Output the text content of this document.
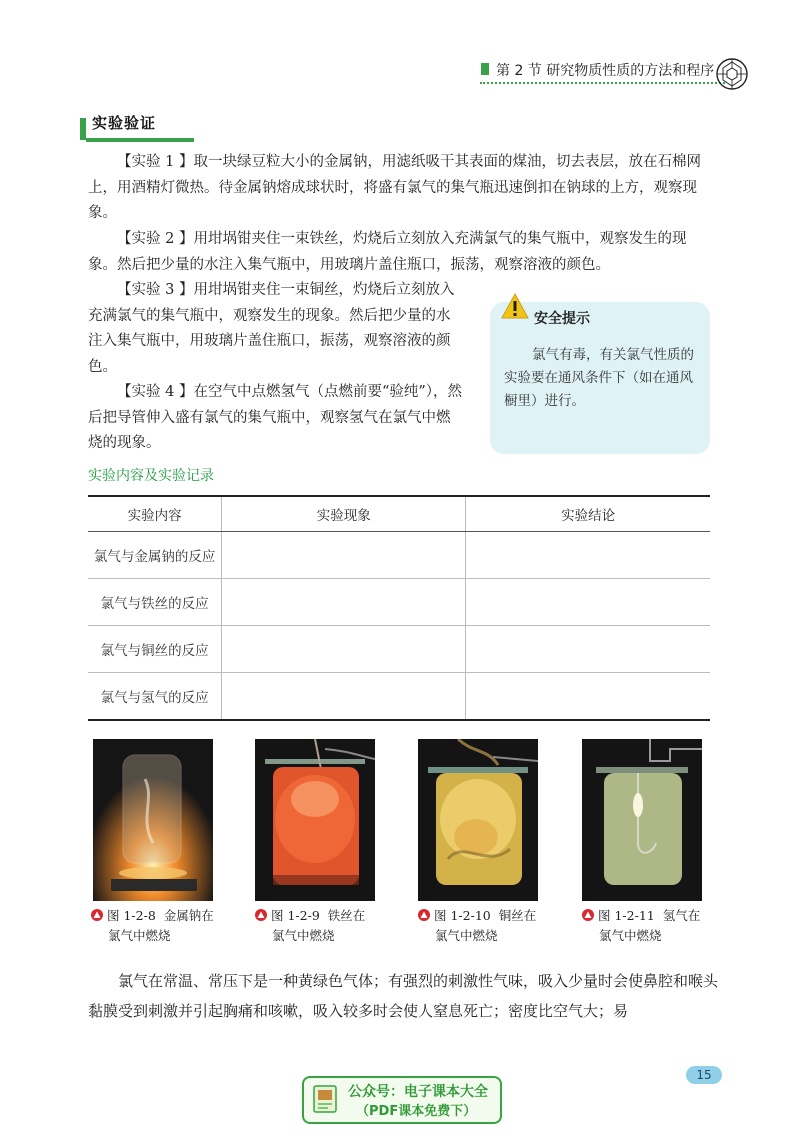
第 2 节 研究物质性质的方法和程序
实验验证
【实验 1 】取一块绿豆粒大小的金属钠，用滤纸吸干其表面的煤油，切去表层，放在石棉网上，用酒精灯微热。待金属钠熔成球状时，将盛有氯气的集气瓶迅速倒扣在钠球的上方，观察现象。
【实验 2 】用坩埚钳夹住一束铁丝，灼烧后立刻放入充满氯气的集气瓶中，观察发生的现象。然后把少量的水注入集气瓶中，用玻璃片盖住瓶口，振荡，观察溶液的颜色。
【实验 3 】用坩埚钳夹住一束铜丝，灼烧后立刻放入充满氯气的集气瓶中，观察发生的现象。然后把少量的水注入集气瓶中，用玻璃片盖住瓶口，振荡，观察溶液的颜色。
【实验 4 】在空气中点燃氢气（点燃前要“验纯”），然后把导管伸入盛有氯气的集气瓶中，观察氢气在氯气中燃烧的现象。
安全提示
氯气有毒，有关氯气性质的实验要在通风条件下（如在通风橱里）进行。
实验内容及实验记录
实验内容	实验现象	实验结论
氯气与金属钠的反应		
氯气与铁丝的反应		
氯气与铜丝的反应		
氯气与氢气的反应		
图 1-2-8 金属钠在
氯气中燃烧
图 1-2-9 铁丝在
氯气中燃烧
图 1-2-10 铜丝在
氯气中燃烧
图 1-2-11 氢气在
氯气中燃烧
氯气在常温、常压下是一种黄绿色气体；有强烈的刺激性气味，吸入少量时会使鼻腔和喉头黏膜受到刺激并引起胸痛和咳嗽，吸入较多时会使人窒息死亡；密度比空气大；易
15
公众号：电子课本大全
（PDF课本免费下）
